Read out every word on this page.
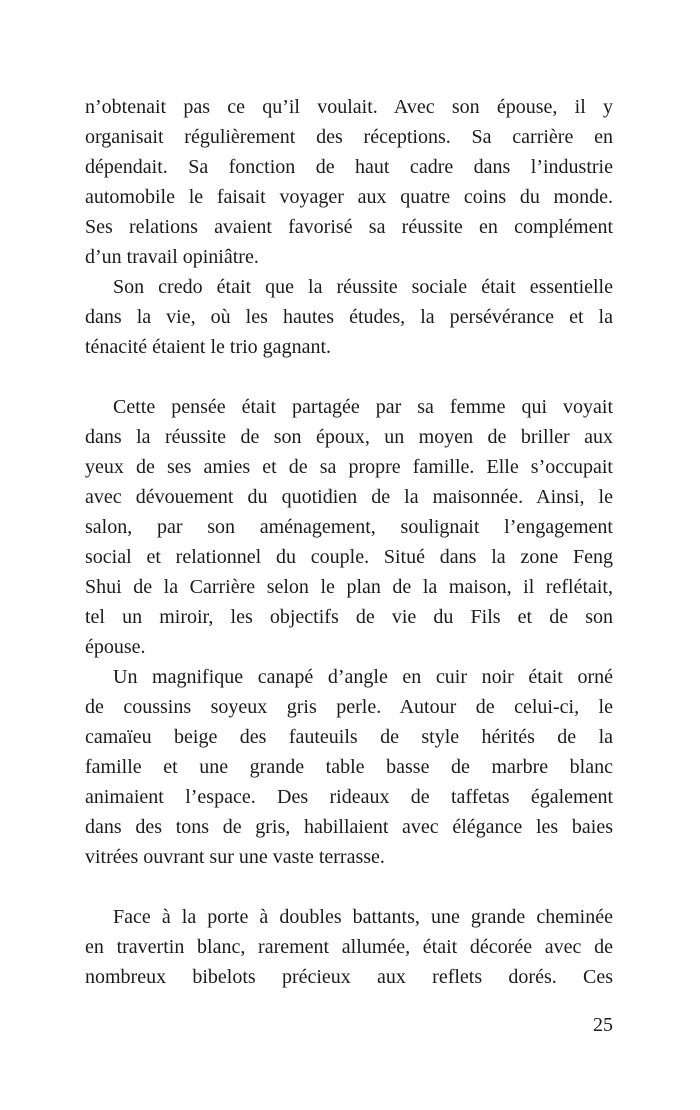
n’obtenait pas ce qu’il voulait. Avec son épouse, il y
organisait régulièrement des réceptions. Sa carrière en
dépendait. Sa fonction de haut cadre dans l’industrie
automobile le faisait voyager aux quatre coins du monde.
Ses relations avaient favorisé sa réussite en complément
d’un travail opiniâtre.
Son credo était que la réussite sociale était essentielle
dans la vie, où les hautes études, la persévérance et la
ténacité étaient le trio gagnant.
Cette pensée était partagée par sa femme qui voyait
dans la réussite de son époux, un moyen de briller aux
yeux de ses amies et de sa propre famille. Elle s’occupait
avec dévouement du quotidien de la maisonnée. Ainsi, le
salon, par son aménagement, soulignait l’engagement
social et relationnel du couple. Situé dans la zone Feng
Shui de la Carrière selon le plan de la maison, il reflétait,
tel un miroir, les objectifs de vie du Fils et de son
épouse.
Un magnifique canapé d’angle en cuir noir était orné
de coussins soyeux gris perle. Autour de celui-ci, le
camaïeu beige des fauteuils de style hérités de la
famille et une grande table basse de marbre blanc
animaient l’espace. Des rideaux de taffetas également
dans des tons de gris, habillaient avec élégance les baies
vitrées ouvrant sur une vaste terrasse.
Face à la porte à doubles battants, une grande cheminée
en travertin blanc, rarement allumée, était décorée avec de
nombreux bibelots précieux aux reflets dorés. Ces
25
